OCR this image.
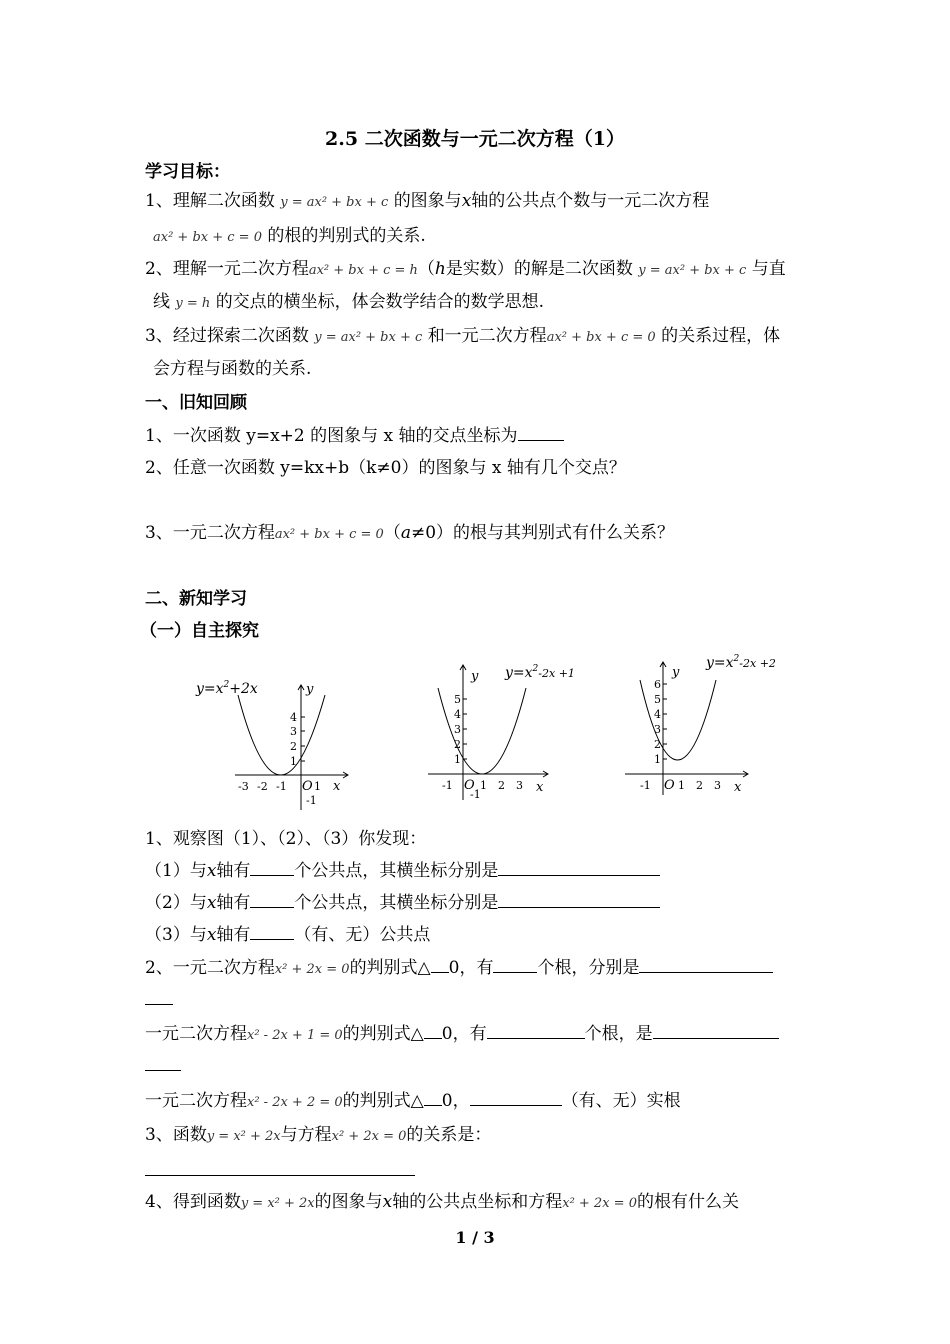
2.5 二次函数与一元二次方程（1）
学习目标：
1、理解二次函数 y = ax² + bx + c 的图象与x轴的公共点个数与一元二次方程
ax² + bx + c = 0 的根的判别式的关系.
2、理解一元二次方程ax² + bx + c = h（h是实数）的解是二次函数 y = ax² + bx + c 与直
线 y = h 的交点的横坐标，体会数学结合的数学思想.
3、经过探索二次函数 y = ax² + bx + c 和一元二次方程ax² + bx + c = 0 的关系过程，体
会方程与函数的关系.
一、旧知回顾
1、一次函数 y=x+2 的图象与 x 轴的交点坐标为
2、任意一次函数 y=kx+b（k≠0）的图象与 x 轴有几个交点？
3、一元二次方程ax² + bx + c = 0（a≠0）的根与其判别式有什么关系？
二、新知学习
（一）自主探究
$y=x^2+2x$
4
3
2
1
-1
y
-3 -2 -1 1
O x
$y=x^2_{-2x +1}$
5
4
3
2
1
-1
y
-1 1 2 3
O	x
$y=x^2_{-2x +2}$
6
5
4
3
2
1
y
-1 1 2 3
O	x
1、观察图（1）、（2）、（3）你发现：
（1）与x轴有	个公共点，其横坐标分别是
（2）与x轴有	个公共点，其横坐标分别是
（3）与x轴有	（有、无）公共点
2、一元二次方程x² + 2x = 0的判别式△ 0，有	个根，分别是
一元二次方程x² - 2x + 1 = 0的判别式△ 0，有	个根，是
一元二次方程x² - 2x + 2 = 0的判别式△ 0，	（有、无）实根
3、函数y = x² + 2x与方程x² + 2x = 0的关系是：
4、得到函数y = x² + 2x的图象与x轴的公共点坐标和方程x² + 2x = 0的根有什么关
1 / 3
